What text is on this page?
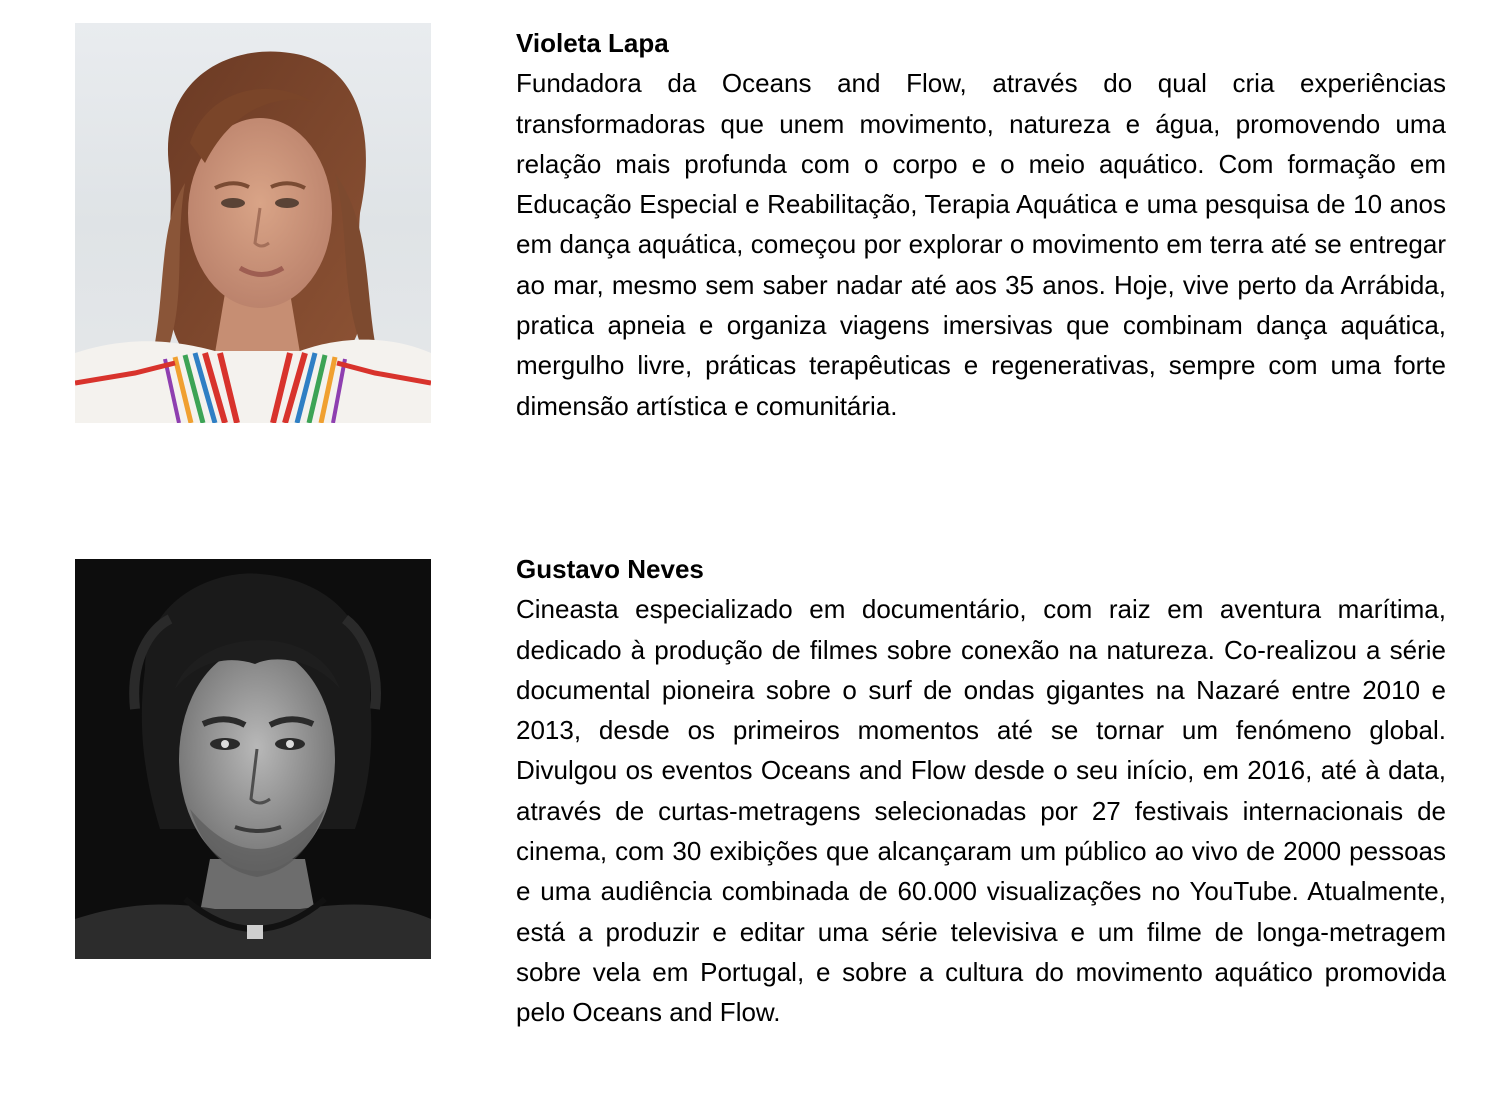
Violeta Lapa

Fundadora da Oceans and Flow, através do qual cria experiências transformadoras que unem movimento, natureza e água, promovendo uma relação mais profunda com o corpo e o meio aquático. Com formação em Educação Especial e Reabilitação, Terapia Aquática e uma pesquisa de 10 anos em dança aquática, começou por explorar o movimento em terra até se entregar ao mar, mesmo sem saber nadar até aos 35 anos. Hoje, vive perto da Arrábida, pratica apneia e organiza viagens imersivas que combinam dança aquática, mergulho livre, práticas terapêuticas e regenerativas, sempre com uma forte dimensão artística e comunitária.

Gustavo Neves

Cineasta especializado em documentário, com raiz em aventura marítima, dedicado à produção de filmes sobre conexão na natureza. Co-realizou a série documental pioneira sobre o surf de ondas gigantes na Nazaré entre 2010 e 2013, desde os primeiros momentos até se tornar um fenómeno global. Divulgou os eventos Oceans and Flow desde o seu início, em 2016, até à data, através de curtas-metragens selecionadas por 27 festivais internacionais de cinema, com 30 exibições que alcançaram um público ao vivo de 2000 pessoas e uma audiência combinada de 60.000 visualizações no YouTube. Atualmente, está a produzir e editar uma série televisiva e um filme de longa-metragem sobre vela em Portugal, e sobre a cultura do movimento aquático promovida pelo Oceans and Flow.
